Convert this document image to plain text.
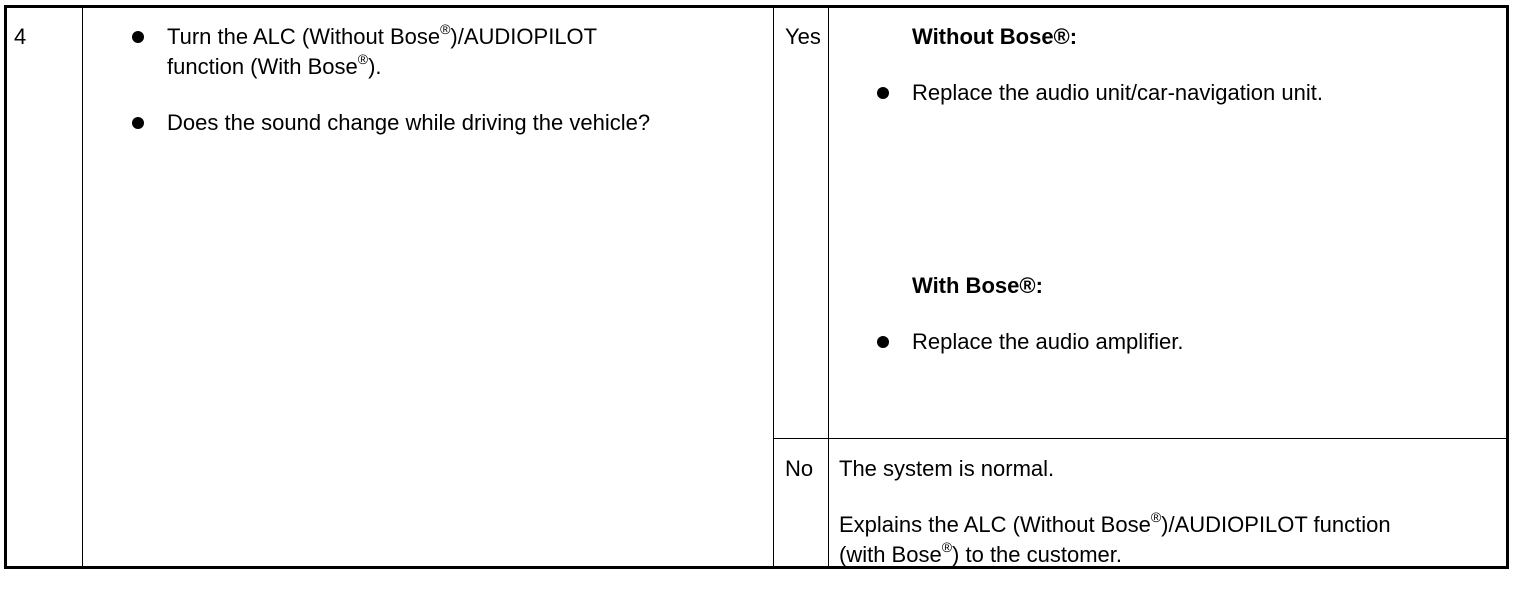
4	Turn the ALC (Without Bose®)/AUDIOPILOT
function (With Bose®).
Does the sound change while driving the vehicle?
Yes	Without Bose®:

Replace the audio unit/car-navigation unit.

With Bose®:

Replace the audio amplifier.
No The system is normal.

Explains the ALC (Without Bose®)/AUDIOPILOT function
(with Bose®) to the customer.
